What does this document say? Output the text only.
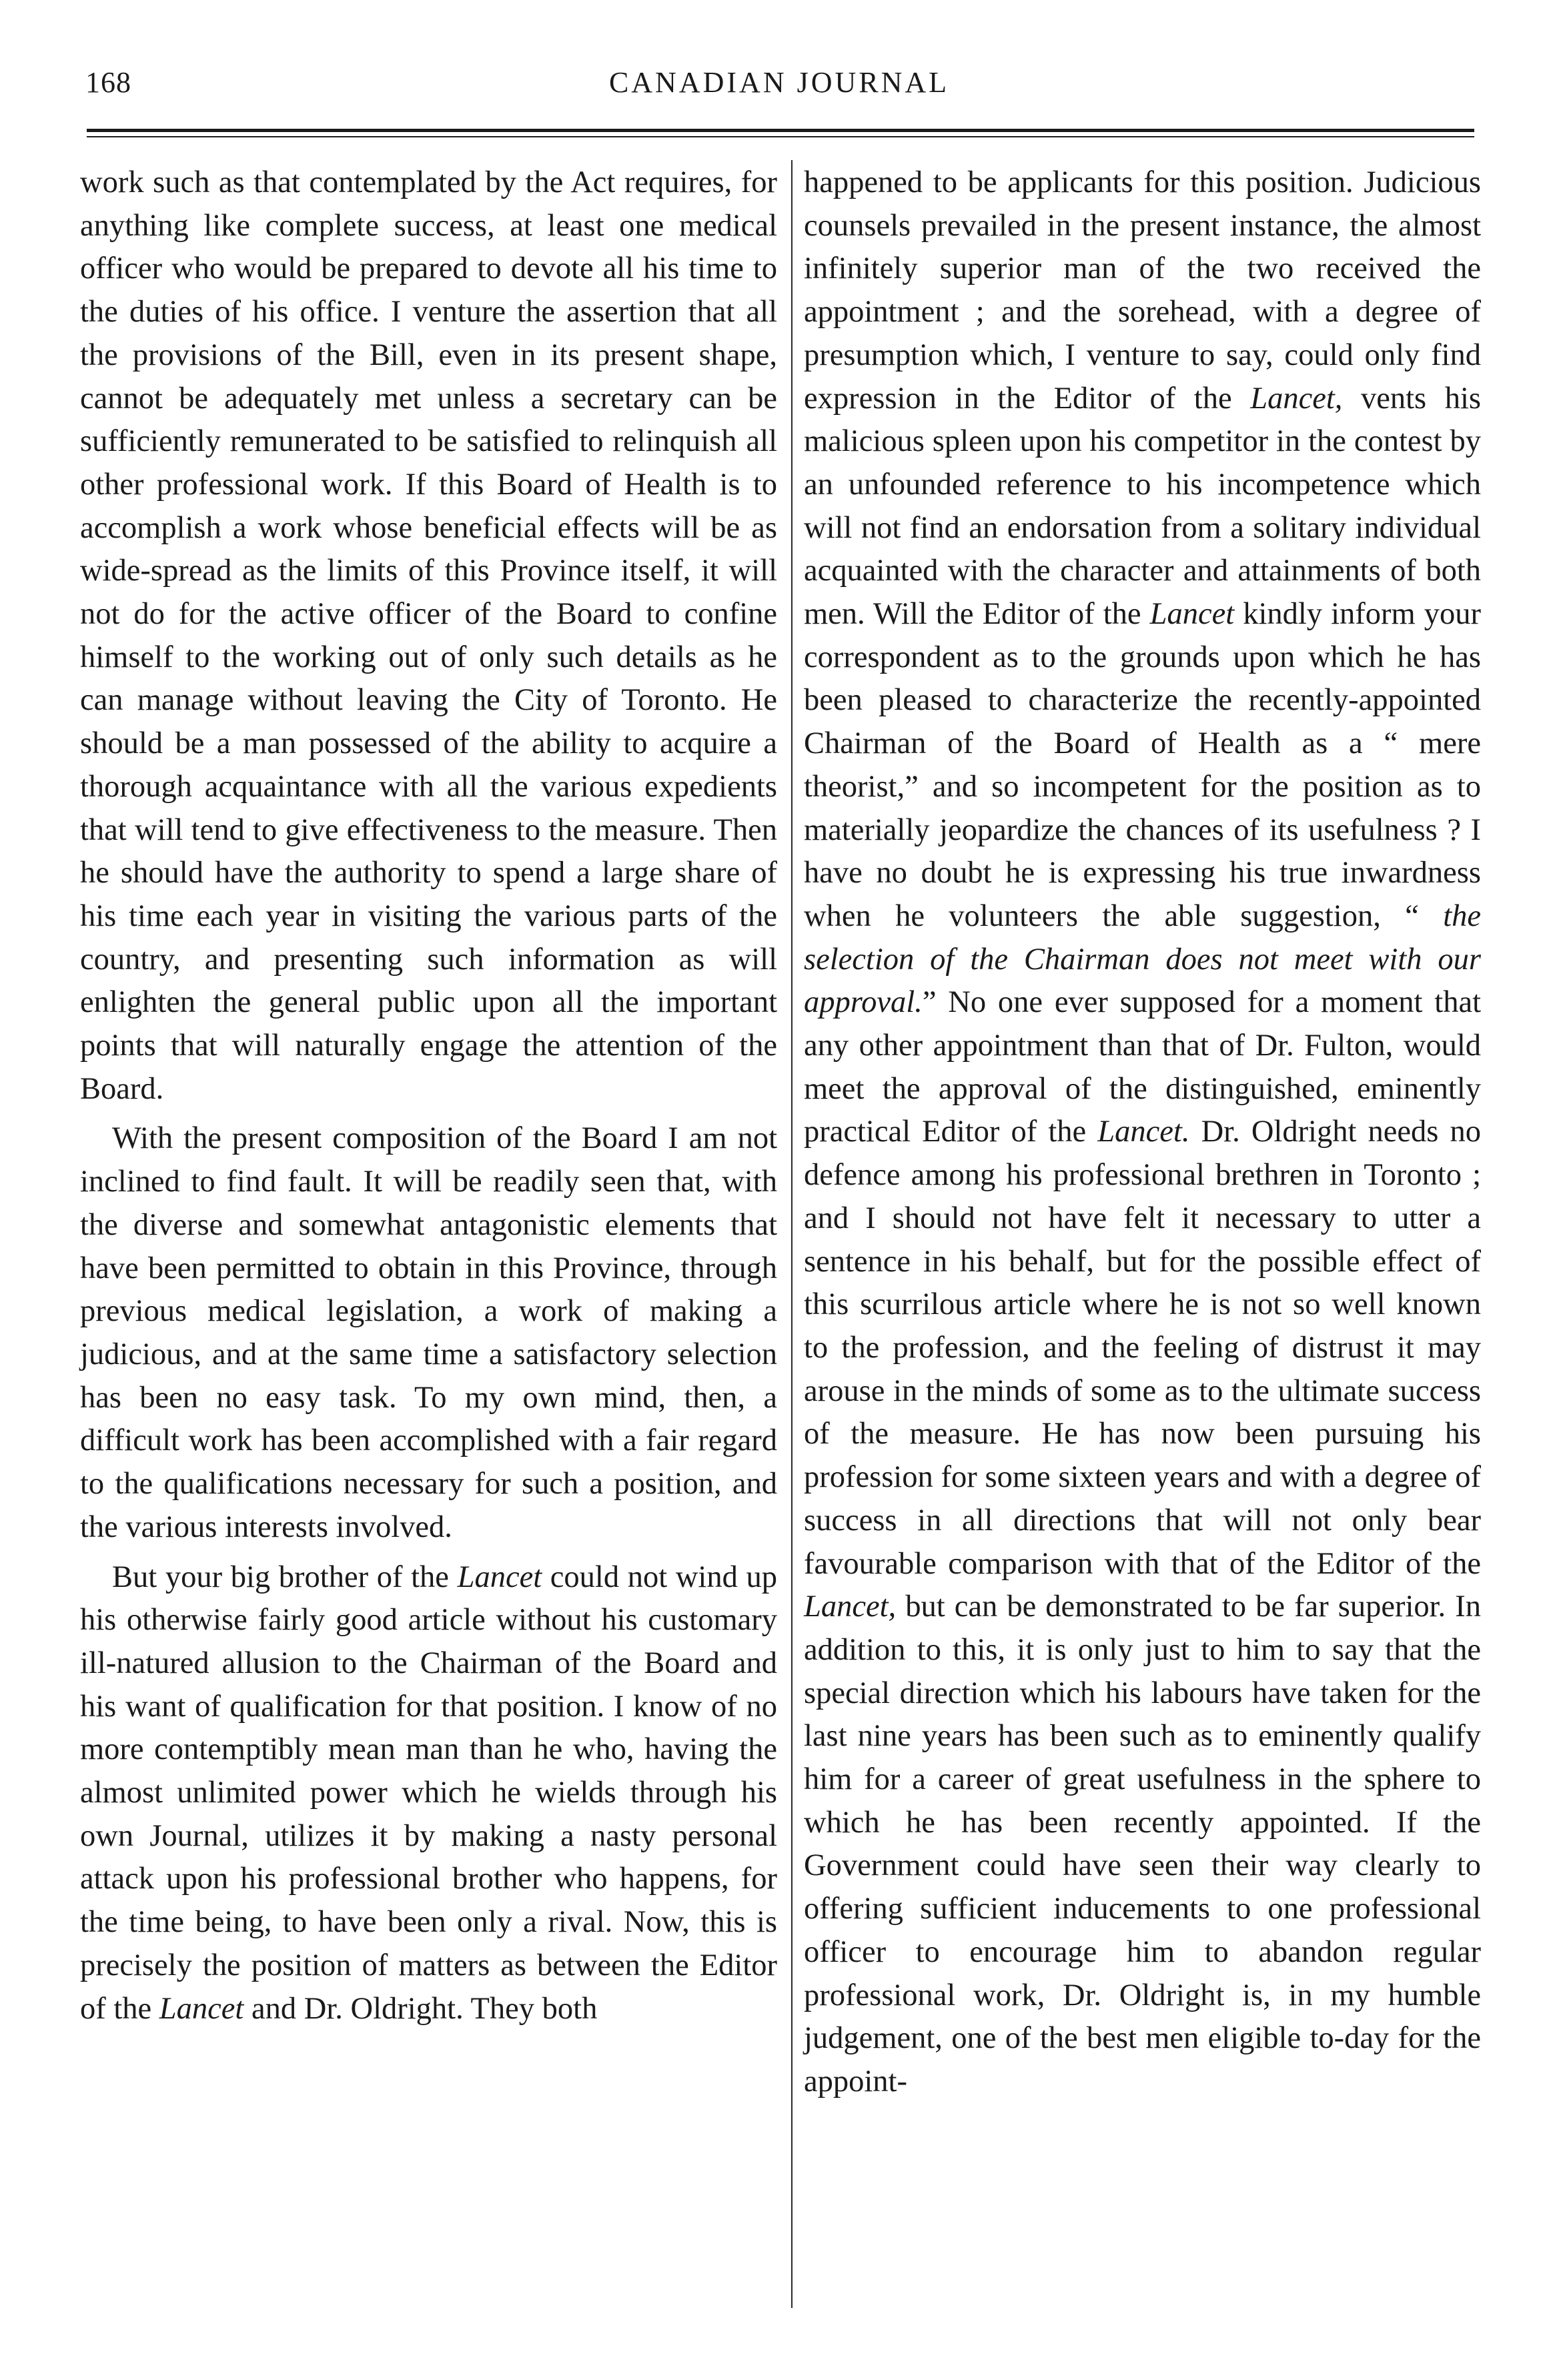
168	CANADIAN JOURNAL

work such as that contemplated by the Act requires, for anything like complete success, at least one medical officer who would be prepared to devote all his time to the duties of his office. I venture the assertion that all the provisions of the Bill, even in its present shape, cannot be adequately met unless a secretary can be sufficiently remunerated to be satisfied to relinquish all other professional work. If this Board of Health is to accomplish a work whose beneficial effects will be as wide-spread as the limits of this Province itself, it will not do for the active officer of the Board to confine himself to the working out of only such details as he can manage without leaving the City of Toronto. He should be a man possessed of the ability to acquire a thorough acquaintance with all the various expedients that will tend to give effectiveness to the measure. Then he should have the authority to spend a large share of his time each year in visiting the various parts of the country, and presenting such information as will enlighten the general public upon all the important points that will naturally engage the attention of the Board.

With the present composition of the Board I am not inclined to find fault. It will be readily seen that, with the diverse and somewhat antagonistic elements that have been permitted to obtain in this Province, through previous medical legislation, a work of making a judicious, and at the same time a satisfactory selection has been no easy task. To my own mind, then, a difficult work has been accomplished with a fair regard to the qualifications necessary for such a position, and the various interests involved.

But your big brother of the Lancet could not wind up his otherwise fairly good article without his customary ill-natured allusion to the Chairman of the Board and his want of qualification for that position. I know of no more contemptibly mean man than he who, having the almost unlimited power which he wields through his own Journal, utilizes it by making a nasty personal attack upon his professional brother who happens, for the time being, to have been only a rival. Now, this is precisely the position of matters as between the Editor of the Lancet and Dr. Oldright. They both

happened to be applicants for this position. Judicious counsels prevailed in the present instance, the almost infinitely superior man of the two received the appointment ; and the sorehead, with a degree of presumption which, I venture to say, could only find expression in the Editor of the Lancet, vents his malicious spleen upon his competitor in the contest by an unfounded reference to his incompetence which will not find an endorsation from a solitary individual acquainted with the character and attainments of both men. Will the Editor of the Lancet kindly inform your correspondent as to the grounds upon which he has been pleased to characterize the recently-appointed Chairman of the Board of Health as a “ mere theorist,” and so incompetent for the position as to materially jeopardize the chances of its usefulness ? I have no doubt he is expressing his true inwardness when he volunteers the able suggestion, “ the selection of the Chairman does not meet with our approval.” No one ever supposed for a moment that any other appointment than that of Dr. Fulton, would meet the approval of the distinguished, eminently practical Editor of the Lancet. Dr. Oldright needs no defence among his professional brethren in Toronto ; and I should not have felt it necessary to utter a sentence in his behalf, but for the possible effect of this scurrilous article where he is not so well known to the profession, and the feeling of distrust it may arouse in the minds of some as to the ultimate success of the measure. He has now been pursuing his profession for some sixteen years and with a degree of success in all directions that will not only bear favourable comparison with that of the Editor of the Lancet, but can be demonstrated to be far superior. In addition to this, it is only just to him to say that the special direction which his labours have taken for the last nine years has been such as to eminently qualify him for a career of great usefulness in the sphere to which he has been recently appointed. If the Government could have seen their way clearly to offering sufficient inducements to one professional officer to encourage him to abandon regular professional work, Dr. Oldright is, in my humble judgement, one of the best men eligible to-day for the appoint-
